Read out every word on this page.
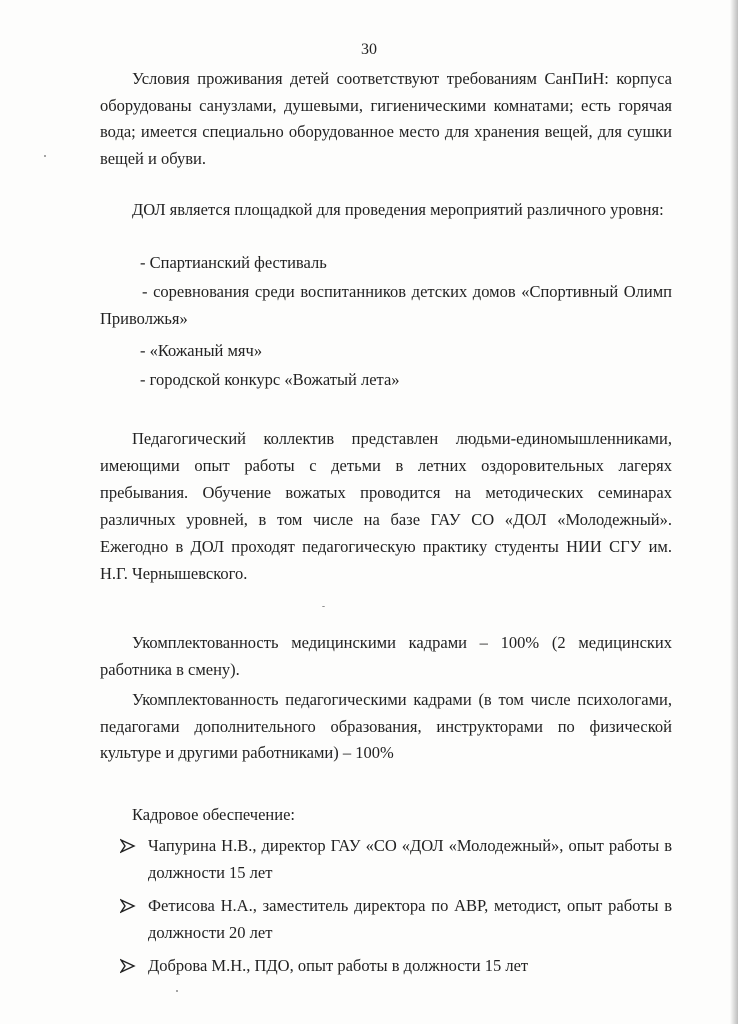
30
Условия проживания детей соответствуют требованиям СанПиН: корпуса оборудованы санузлами, душевыми, гигиеническими комнатами; есть горячая вода; имеется специально оборудованное место для хранения вещей, для сушки вещей и обуви.
ДОЛ является площадкой для проведения мероприятий различного уровня:
- Спартианский фестиваль
- соревнования среди воспитанников детских домов «Спортивный Олимп Приволжья»
- «Кожаный мяч»
- городской конкурс «Вожатый лета»
Педагогический коллектив представлен людьми-единомышленниками, имеющими опыт работы с детьми в летних оздоровительных лагерях пребывания. Обучение вожатых проводится на методических семинарах различных уровней, в том числе на базе ГАУ СО «ДОЛ «Молодежный». Ежегодно в ДОЛ проходят педагогическую практику студенты НИИ СГУ им. Н.Г. Чернышевского.
Укомплектованность медицинскими кадрами – 100% (2 медицинских работника в смену).
Укомплектованность педагогическими кадрами (в том числе психологами, педагогами дополнительного образования, инструкторами по физической культуре и другими работниками) – 100%
Кадровое обеспечение:
Чапурина Н.В., директор ГАУ «СО «ДОЛ «Молодежный», опыт работы в должности 15 лет
Фетисова Н.А., заместитель директора по АВР, методист, опыт работы в должности 20 лет
Доброва М.Н., ПДО, опыт работы в должности 15 лет
